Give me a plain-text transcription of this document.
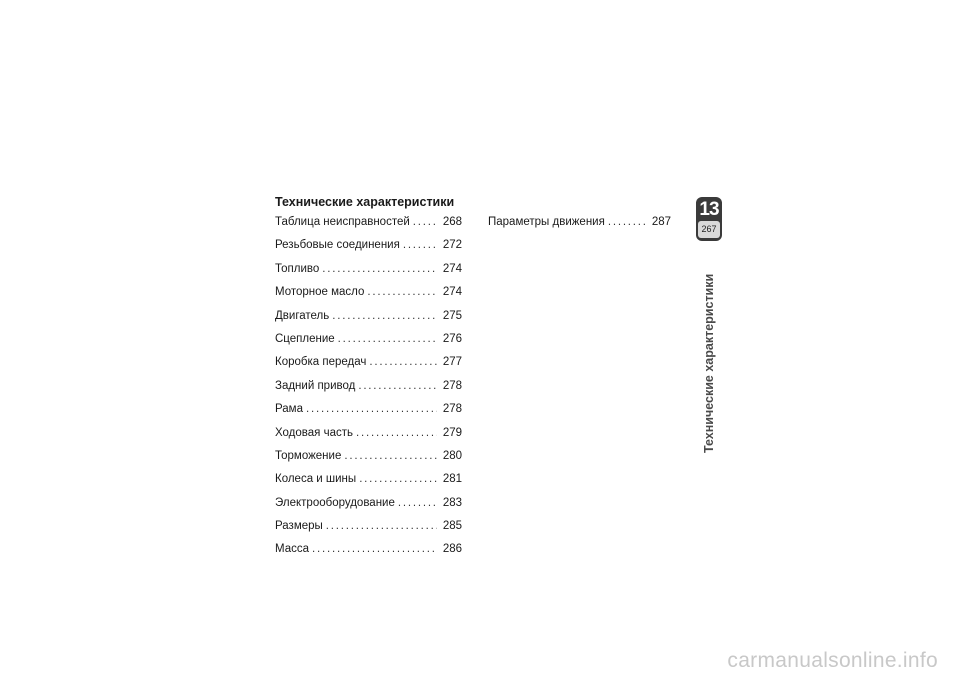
Технические характеристики
Таблица неисправностей . . .	268
Резьбовые соединения . . .	272
Топливо . . .	274
Моторное масло . . .	274
Двигатель . . .	275
Сцепление . . .	276
Коробка передач . . .	277
Задний привод . . .	278
Рама . . .	278
Ходовая часть . . .	279
Торможение . . .	280
Колеса и шины . . .	281
Электрооборудование . . .	283
Размеры . . .	285
Масса . . .	286
Параметры движения . . .	287
13
267
Технические характеристики
carmanualsonline.info
